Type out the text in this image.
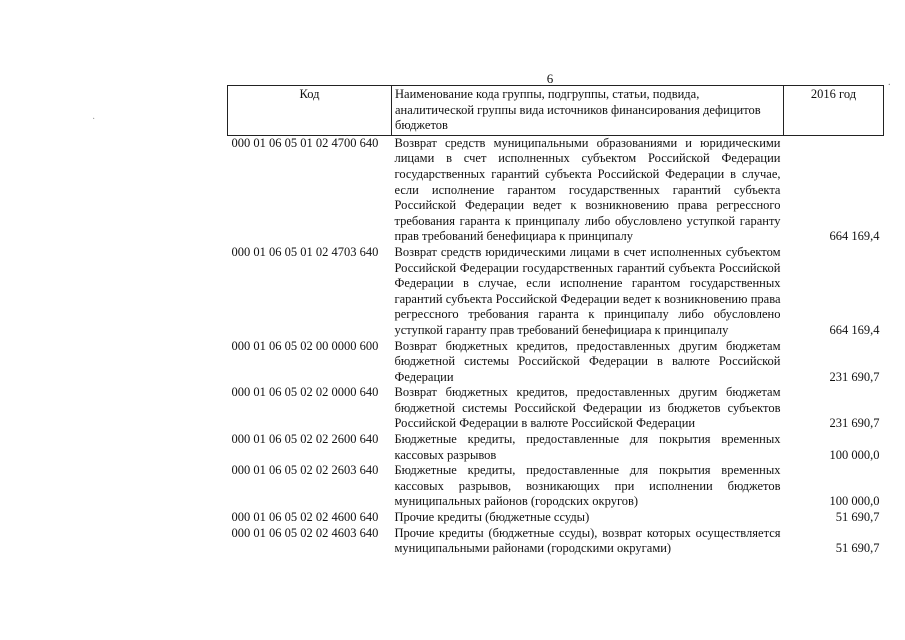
6	·
·
Код	Наименование кода группы, подгруппы, статьи, подвида, аналитической группы вида источников финансирования дефицитов бюджетов	2016 год
000 01 06 05 01 02 4700 640	Возврат средств муниципальными образованиями и юридическими лицами в счет исполненных субъектом Российской Федерации государственных гарантий субъекта Российской Федерации в случае, если исполнение гарантом государственных гарантий субъекта Российской Федерации ведет к возникновению права регрессного требования гаранта к принципалу либо обусловлено уступкой гаранту прав требований бенефициара к принципалу	664 169,4
000 01 06 05 01 02 4703 640	Возврат средств юридическими лицами в счет исполненных субъектом Российской Федерации государственных гарантий субъекта Российской Федерации в случае, если исполнение гарантом государственных гарантий субъекта Российской Федерации ведет к возникновению права регрессного требования гаранта к принципалу либо обусловлено уступкой гаранту прав требований бенефициара к принципалу	664 169,4
000 01 06 05 02 00 0000 600	Возврат бюджетных кредитов, предоставленных другим бюджетам бюджетной системы Российской Федерации в валюте Российской Федерации	231 690,7
000 01 06 05 02 02 0000 640	Возврат бюджетных кредитов, предоставленных другим бюджетам бюджетной системы Российской Федерации из бюджетов субъектов Российской Федерации в валюте Российской Федерации	231 690,7
000 01 06 05 02 02 2600 640	Бюджетные кредиты, предоставленные для покрытия временных кассовых разрывов	100 000,0
000 01 06 05 02 02 2603 640	Бюджетные кредиты, предоставленные для покрытия временных кассовых разрывов, возникающих при исполнении бюджетов муниципальных районов (городских округов)	100 000,0
000 01 06 05 02 02 4600 640	Прочие кредиты (бюджетные ссуды)	51 690,7
000 01 06 05 02 02 4603 640	Прочие кредиты (бюджетные ссуды), возврат которых осуществляется муниципальными районами (городскими округами)	51 690,7
